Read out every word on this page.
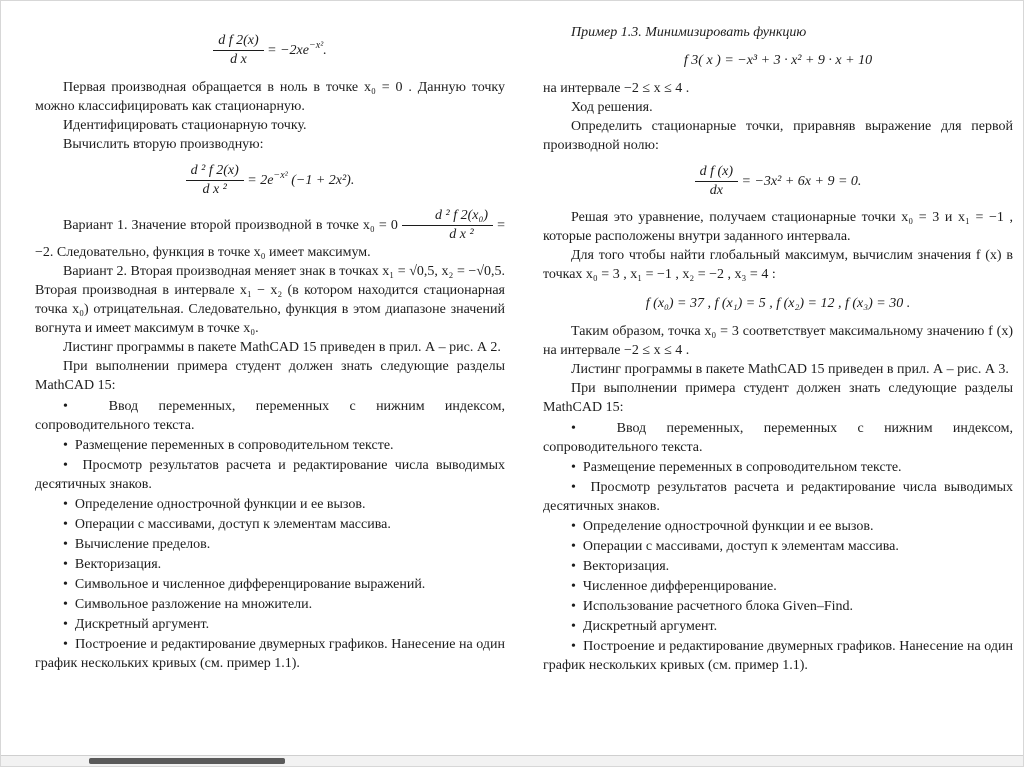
$\frac{\text{d f 2(x)}}{\text{d x}} = -2xe^{-x^2}$.

Первая производная обращается в ноль в точке x₀ = 0 . Данную точку можно классифицировать как стационарную.

Идентифицировать стационарную точку.

Вычислить вторую производную:

$\frac{\text{d ² f 2(x)}}{\text{d x ²}} = 2e^{-x^2}$ (−1 + 2x²).

Вариант 1. Значение второй производной в точке $x_0 = 0 \frac{\text{d ² f 2(x₀)}}{\text{d x ²}} = -2$. Следовательно, функция в точке x₀ имеет максимум.

Вариант 2. Вторая производная меняет знак в точках x₁ = √0,5, x₂ = −√0,5. Вторая производная в интервале x₁ − x₂ (в котором находится стационарная точка x₀) отрицательная. Следовательно, функция в этом диапазоне значений вогнута и имеет максимум в точке x₀.

Листинг программы в пакете MathCAD 15 приведен в прил. А – рис. А 2.

При выполнении примера студент должен знать следующие разделы MathCAD 15:

•  Ввод переменных, переменных с нижним индексом, сопроводительного текста.
•  Размещение переменных в сопроводительном тексте.
•  Просмотр результатов расчета и редактирование числа выводимых десятичных знаков.
•  Определение однострочной функции и ее вызов.
•  Операции с массивами, доступ к элементам массива.
•  Вычисление пределов.
•  Векторизация.
•  Символьное и численное дифференцирование выражений.
•  Символьное разложение на множители.
•  Дискретный аргумент.
•  Построение и редактирование двумерных графиков. Нанесение на один график нескольких кривых (см. пример 1.1).

Пример 1.3. Минимизировать функцию

f 3( x ) = −x³ + 3 · x² + 9 · x + 10

на интервале −2 ≤ x ≤ 4 .

Ход решения.

Определить стационарные точки, приравняв выражение для первой производной нолю:

$\frac{\text{d f (x)}}{dx} = -3x^2 + 6x + 9 = 0$.

Решая это уравнение, получаем стационарные точки x₀ = 3 и x₁ = −1 , которые расположены внутри заданного интервала.

Для того чтобы найти глобальный максимум, вычислим значения f (x) в точках x₀ = 3 , x₁ = −1 , x₂ = −2 , x₃ = 4 :

f (x₀) = 37 , f (x₁) = 5 , f (x₂) = 12 , f (x₃) = 30 .

Таким образом, точка x₀ = 3 соответствует максимальному значению f (x) на интервале −2 ≤ x ≤ 4 .

Листинг программы в пакете MathCAD 15 приведен в прил. А – рис. А 3.

При выполнении примера студент должен знать следующие разделы MathCAD 15:

•  Ввод переменных, переменных с нижним индексом, сопроводительного текста.
•  Размещение переменных в сопроводительном тексте.
•  Просмотр результатов расчета и редактирование числа выводимых десятичных знаков.
•  Определение однострочной функции и ее вызов.
•  Операции с массивами, доступ к элементам массива.
•  Векторизация.
•  Численное дифференцирование.
•  Использование расчетного блока Given–Find.
•  Дискретный аргумент.
•  Построение и редактирование двумерных графиков. Нанесение на один график нескольких кривых (см. пример 1.1).
